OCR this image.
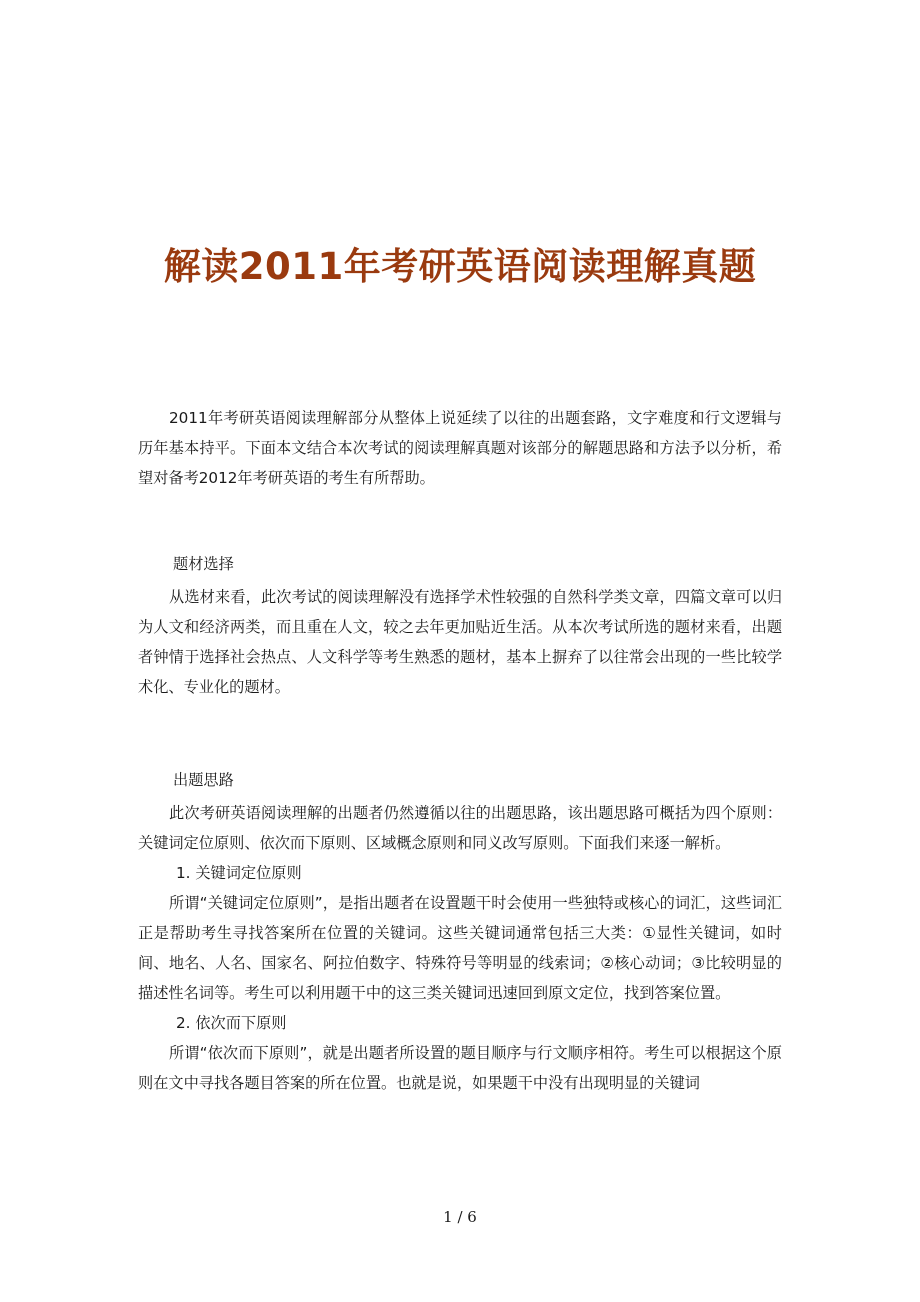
解读2011年考研英语阅读理解真题

2011年考研英语阅读理解部分从整体上说延续了以往的出题套路，文字难度和行文逻辑与历年基本持平。下面本文结合本次考试的阅读理解真题对该部分的解题思路和方法予以分析，希望对备考2012年考研英语的考生有所帮助。

题材选择

从选材来看，此次考试的阅读理解没有选择学术性较强的自然科学类文章，四篇文章可以归为人文和经济两类，而且重在人文，较之去年更加贴近生活。从本次考试所选的题材来看，出题者钟情于选择社会热点、人文科学等考生熟悉的题材，基本上摒弃了以往常会出现的一些比较学术化、专业化的题材。

出题思路

此次考研英语阅读理解的出题者仍然遵循以往的出题思路，该出题思路可概括为四个原则：关键词定位原则、依次而下原则、区域概念原则和同义改写原则。下面我们来逐一解析。

1. 关键词定位原则

所谓“关键词定位原则”，是指出题者在设置题干时会使用一些独特或核心的词汇，这些词汇正是帮助考生寻找答案所在位置的关键词。这些关键词通常包括三大类：①显性关键词，如时间、地名、人名、国家名、阿拉伯数字、特殊符号等明显的线索词；②核心动词；③比较明显的描述性名词等。考生可以利用题干中的这三类关键词迅速回到原文定位，找到答案位置。

2. 依次而下原则

所谓“依次而下原则”，就是出题者所设置的题目顺序与行文顺序相符。考生可以根据这个原则在文中寻找各题目答案的所在位置。也就是说，如果题干中没有出现明显的关键词

1 / 6
